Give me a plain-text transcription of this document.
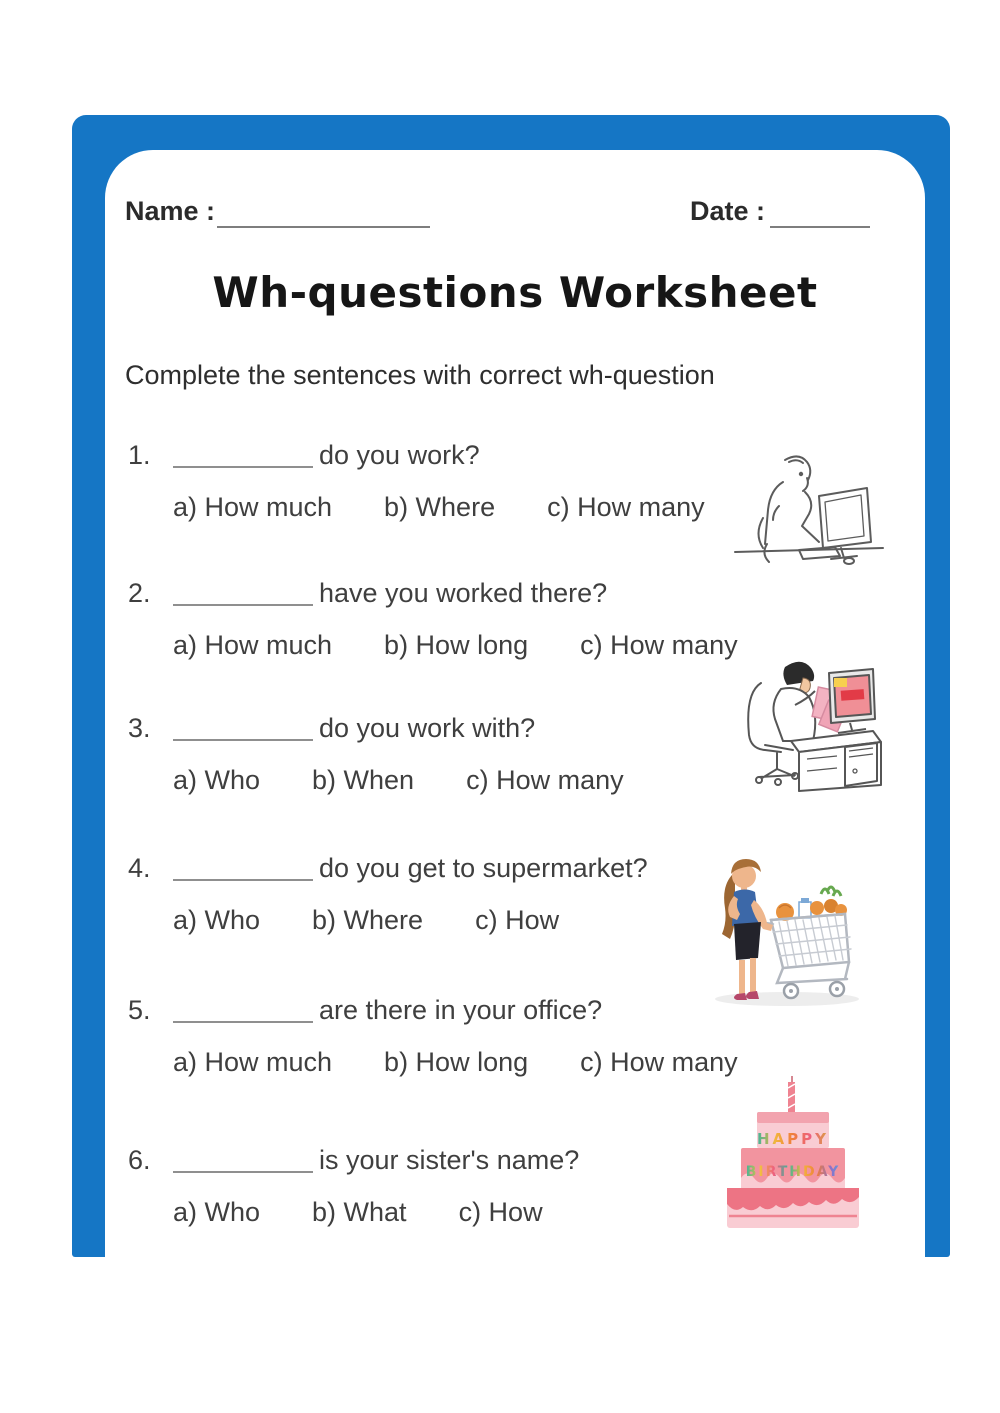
Name :	Date :
Wh-questions Worksheet
Complete the sentences with correct wh-question
1.	do you work?
a) How much b) Where c) How many
2.	have you worked there?
a) How much b) How long c) How many
3.	do you work with?
a) Who b) When c) How many
4.	do you get to supermarket?
a) Who b) Where c) How
5.	are there in your office?
a) How much b) How long c) How many
6.	is your sister's name?
a) Who b) What c) How
HAPPY
BIRTHDAY
